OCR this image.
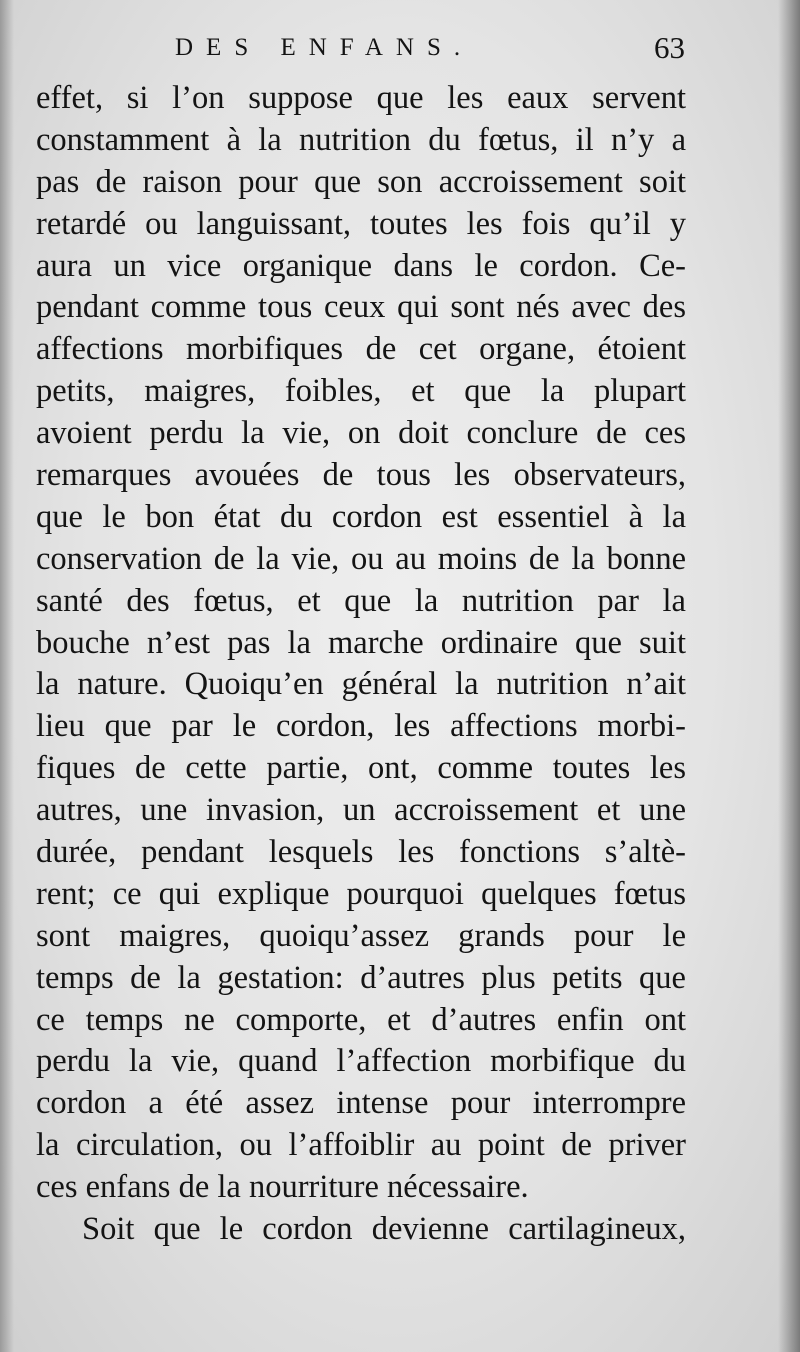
DES ENFANS.	63
effet, si l’on suppose que les eaux servent
constamment à la nutrition du fœtus, il n’y a
pas de raison pour que son accroissement soit
retardé ou languissant, toutes les fois qu’il y
aura un vice organique dans le cordon. Ce-
pendant comme tous ceux qui sont nés avec des
affections morbifiques de cet organe, étoient
petits, maigres, foibles, et que la plupart
avoient perdu la vie, on doit conclure de ces
remarques avouées de tous les observateurs,
que le bon état du cordon est essentiel à la
conservation de la vie, ou au moins de la bonne
santé des fœtus, et que la nutrition par la
bouche n’est pas la marche ordinaire que suit
la nature. Quoiqu’en général la nutrition n’ait
lieu que par le cordon, les affections morbi-
fiques de cette partie, ont, comme toutes les
autres, une invasion, un accroissement et une
durée, pendant lesquels les fonctions s’altè-
rent; ce qui explique pourquoi quelques fœtus
sont maigres, quoiqu’assez grands pour le
temps de la gestation: d’autres plus petits que
ce temps ne comporte, et d’autres enfin ont
perdu la vie, quand l’affection morbifique du
cordon a été assez intense pour interrompre
la circulation, ou l’affoiblir au point de priver
ces enfans de la nourriture nécessaire.
Soit que le cordon devienne cartilagineux,
